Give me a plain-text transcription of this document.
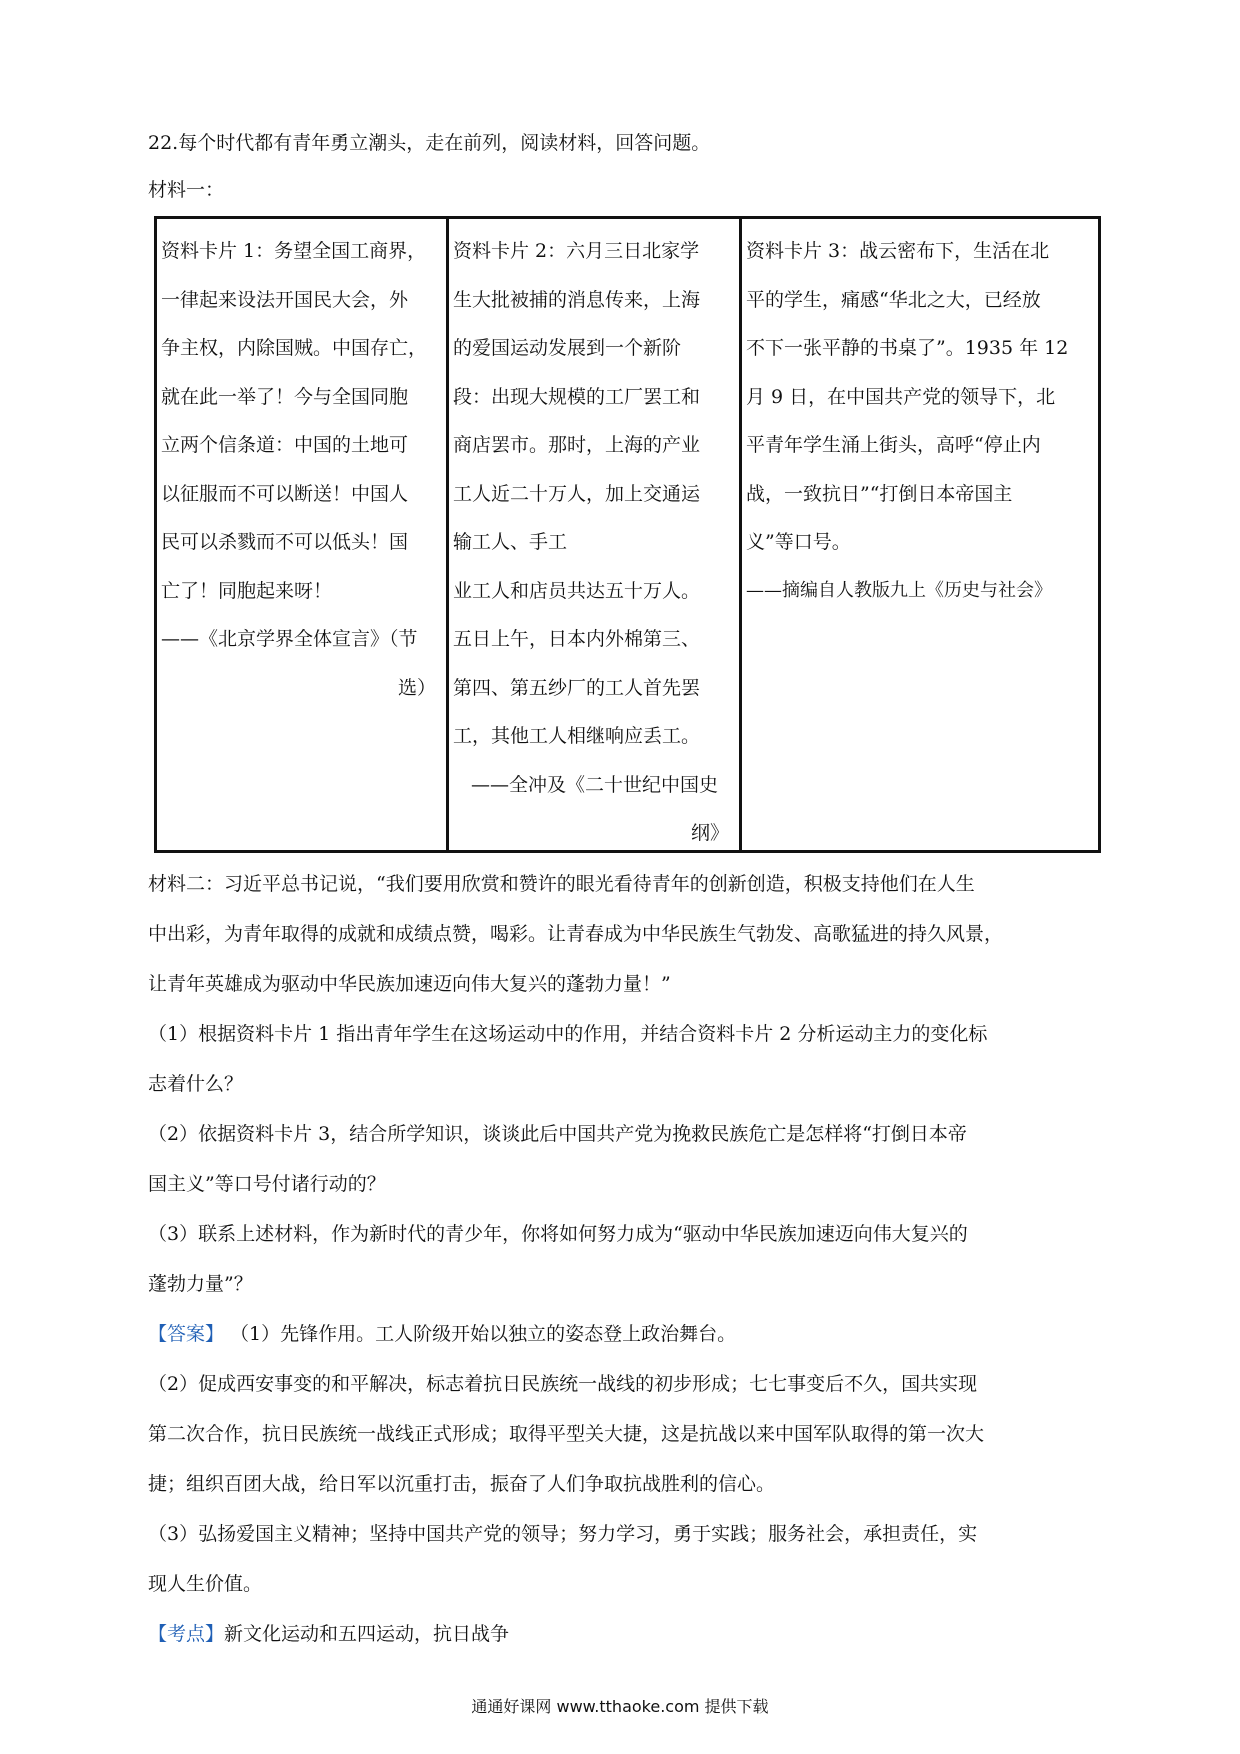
22.每个时代都有青年勇立潮头，走在前列，阅读材料，回答问题。
材料一：
资料卡片 1：务望全国工商界，
一律起来设法开国民大会，外
争主权，内除国贼。中国存亡，
就在此一举了！今与全国同胞
立两个信条道：中国的土地可
以征服而不可以断送！中国人
民可以杀戮而不可以低头！国
亡了！同胞起来呀！
——《北京学界全体宣言》（节
选）
资料卡片 2：六月三日北家学
生大批被捕的消息传来，上海
的爱国运动发展到一个新阶
段：出现大规模的工厂罢工和
商店罢市。那时，上海的产业
工人近二十万人，加上交通运
输工人、手工
业工人和店员共达五十万人。
五日上午，日本内外棉第三、
第四、第五纱厂的工人首先罢
工，其他工人相继响应丢工。
——全冲及《二十世纪中国史
纲》
资料卡片 3：战云密布下，生活在北
平的学生，痛感“华北之大，已经放
不下一张平静的书桌了”。1935 年 12
月 9 日，在中国共产党的领导下，北
平青年学生涌上街头，高呼“停止内
战，一致抗日”“打倒日本帝国主
义”等口号。
——摘编自人教版九上《历史与社会》
材料二：习近平总书记说，“我们要用欣赏和赞许的眼光看待青年的创新创造，积极支持他们在人生
中出彩，为青年取得的成就和成绩点赞，喝彩。让青春成为中华民族生气勃发、高歌猛进的持久风景，
让青年英雄成为驱动中华民族加速迈向伟大复兴的蓬勃力量！”
（1）根据资料卡片 1 指出青年学生在这场运动中的作用，并结合资料卡片 2 分析运动主力的变化标
志着什么？
（2）依据资料卡片 3，结合所学知识，谈谈此后中国共产党为挽救民族危亡是怎样将“打倒日本帝
国主义”等口号付诸行动的？
（3）联系上述材料，作为新时代的青少年，你将如何努力成为“驱动中华民族加速迈向伟大复兴的
蓬勃力量”？
【答案】 （1）先锋作用。工人阶级开始以独立的姿态登上政治舞台。
（2）促成西安事变的和平解决，标志着抗日民族统一战线的初步形成；七七事变后不久，国共实现
第二次合作，抗日民族统一战线正式形成；取得平型关大捷，这是抗战以来中国军队取得的第一次大
捷；组织百团大战，给日军以沉重打击，振奋了人们争取抗战胜利的信心。
（3）弘扬爱国主义精神；坚持中国共产党的领导；努力学习，勇于实践；服务社会，承担责任，实
现人生价值。
【考点】新文化运动和五四运动，抗日战争
通通好课网 www.tthaoke.com 提供下载
